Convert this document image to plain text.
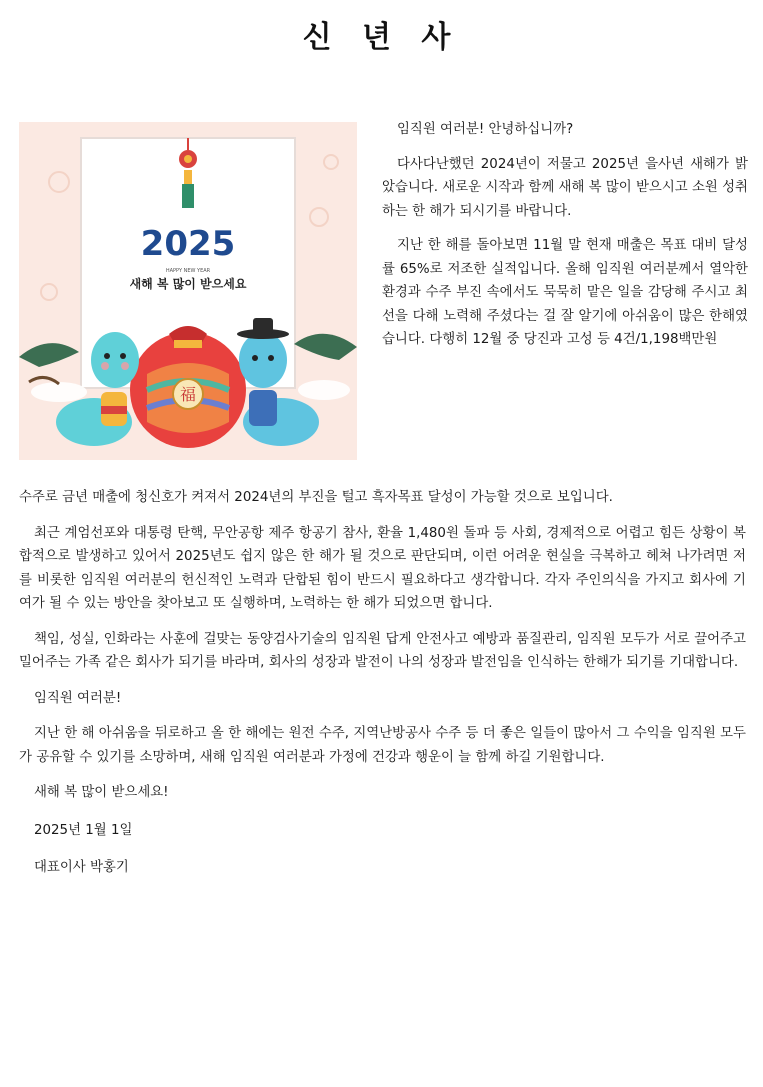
신 년 사
2025
HAPPY NEW YEAR
새해 복 많이 받으세요
福

임직원 여러분! 안녕하십니까?

다사다난했던 2024년이 저물고 2025년 을사년 새해가 밝았습니다. 새로운 시작과 함께 새해 복 많이 받으시고 소원 성취하는 한 해가 되시기를 바랍니다.

지난 한 해를 돌아보면 11월 말 현재 매출은 목표 대비 달성률 65%로 저조한 실적입니다. 올해 임직원 여러분께서 열악한 환경과 수주 부진 속에서도 묵묵히 맡은 일을 감당해 주시고 최선을 다해 노력해 주셨다는 걸 잘 알기에 아쉬움이 많은 한해였습니다. 다행히 12월 중 당진과 고성 등 4건/1,198백만원

수주로 금년 매출에 청신호가 켜져서 2024년의 부진을 털고 흑자목표 달성이 가능할 것으로 보입니다.

최근 계엄선포와 대통령 탄핵, 무안공항 제주 항공기 참사, 환율 1,480원 돌파 등 사회, 경제적으로 어렵고 힘든 상황이 복합적으로 발생하고 있어서 2025년도 쉽지 않은 한 해가 될 것으로 판단되며, 이런 어려운 현실을 극복하고 헤쳐 나가려면 저를 비롯한 임직원 여러분의 헌신적인 노력과 단합된 힘이 반드시 필요하다고 생각합니다. 각자 주인의식을 가지고 회사에 기여가 될 수 있는 방안을 찾아보고 또 실행하며, 노력하는 한 해가 되었으면 합니다.

책임, 성실, 인화라는 사훈에 걸맞는 동양검사기술의 임직원 답게 안전사고 예방과 품질관리, 임직원 모두가 서로 끌어주고 밀어주는 가족 같은 회사가 되기를 바라며, 회사의 성장과 발전이 나의 성장과 발전임을 인식하는 한해가 되기를 기대합니다.

임직원 여러분!

지난 한 해 아쉬움을 뒤로하고 올 한 해에는 원전 수주, 지역난방공사 수주 등 더 좋은 일들이 많아서 그 수익을 임직원 모두가 공유할 수 있기를 소망하며, 새해 임직원 여러분과 가정에 건강과 행운이 늘 함께 하길 기원합니다.

새해 복 많이 받으세요!

2025년 1월 1일

대표이사 박홍기
